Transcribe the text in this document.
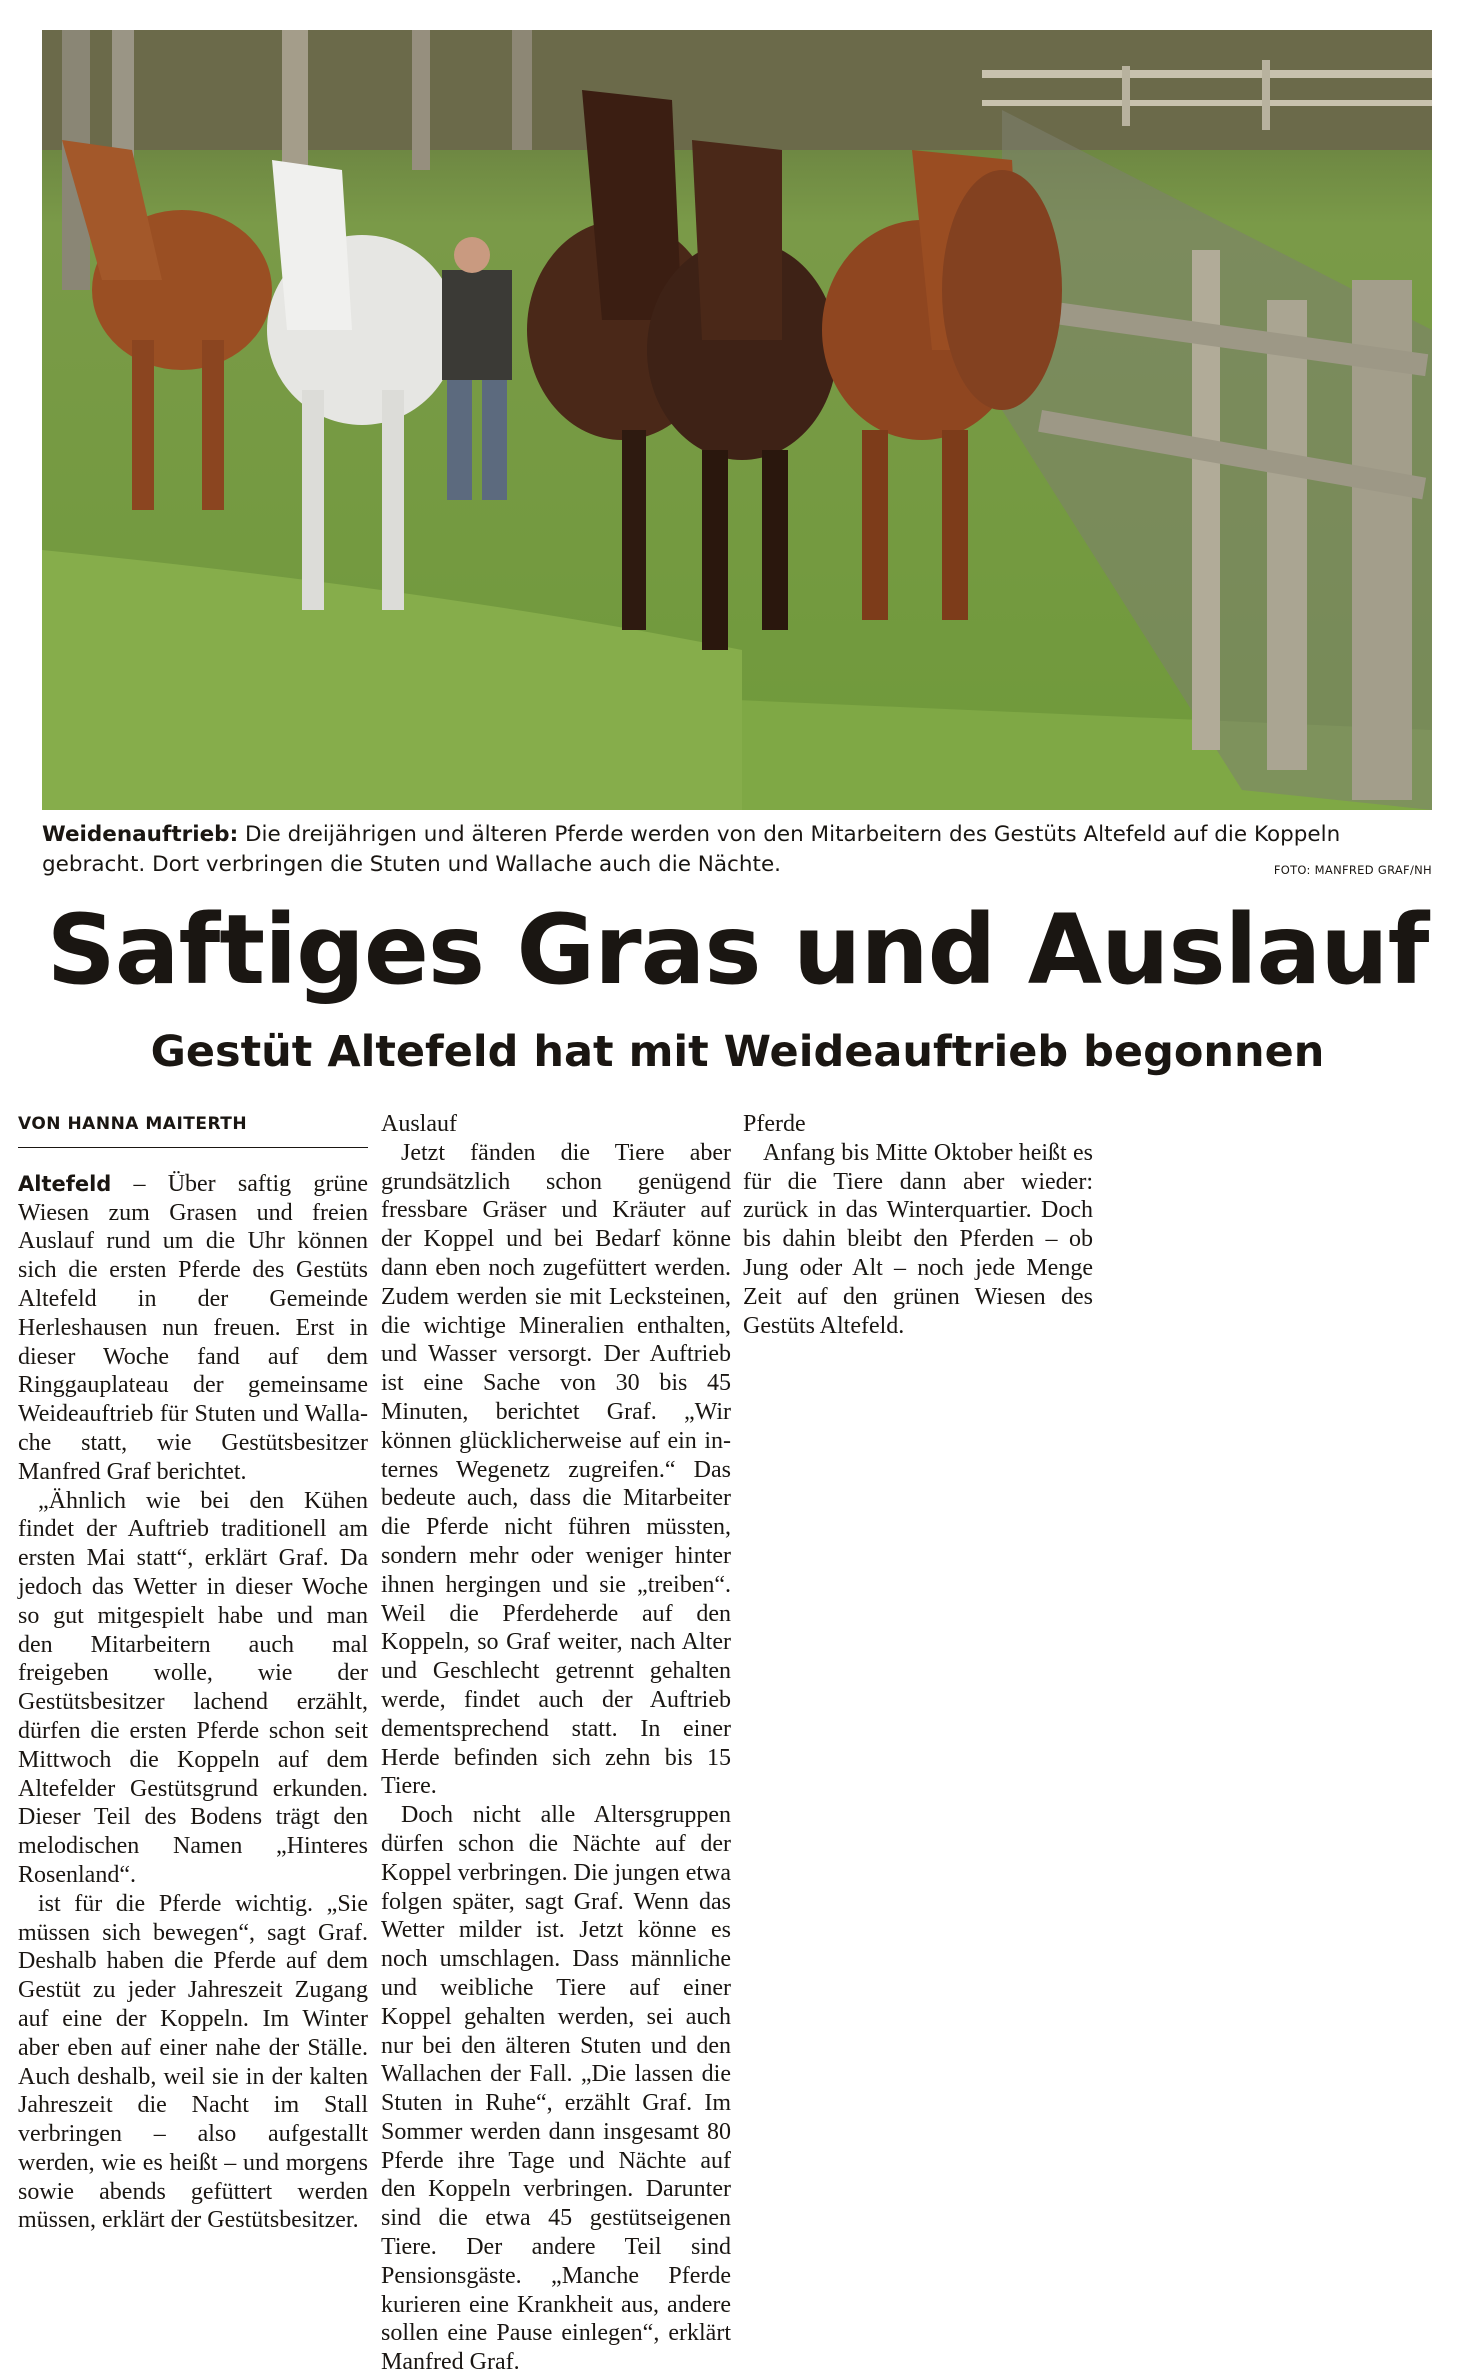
Weidenauftrieb: Die dreijährigen und älteren Pferde werden von den Mitarbeitern des Gestüts Altefeld auf die Koppeln gebracht. Dort verbringen die Stuten und Wallache auch die Nächte.	FOTO: MANFRED GRAF/NH
Saftiges Gras und Auslauf
Gestüt Altefeld hat mit Weideauftrieb begonnen
VON HANNA MAITERTH

Altefeld – Über saftig grüne Wiesen zum Grasen und freien Auslauf rund um die Uhr können sich die ersten Pferde des Gestüts Altefeld in der Gemeinde Herleshausen nun freuen. Erst in dieser Woche fand auf dem Ringgauplateau der gemeinsame Weideauftrieb für Stuten und Wallache statt, wie Gestütsbesitzer Manfred Graf berichtet.

„Ähnlich wie bei den Kühen findet der Auftrieb traditionell am ersten Mai statt“, erklärt Graf. Da jedoch das Wetter in dieser Woche so gut mitgespielt habe und man den Mitarbeitern auch mal freigeben wolle, wie der Gestütsbesitzer lachend erzählt, dürfen die ersten Pferde schon seit Mittwoch die Koppeln auf dem Altefelder Gestütsgrund erkunden. Dieser Teil des Bodens trägt den melodischen Namen „Hinteres Rosenland“.

ist für die Pferde wichtig. „Sie müssen sich bewegen“, sagt Graf. Deshalb haben die Pferde auf dem Gestüt zu jeder Jahreszeit Zugang auf eine der Koppeln. Im Winter aber eben auf einer nahe der Ställe. Auch deshalb, weil sie in der kalten Jahreszeit die Nacht im Stall verbringen – also aufgestallt werden, wie es heißt – und morgens sowie abends gefüttert werden müssen, erklärt der Gestütsbesitzer.

Auslauf

Jetzt fänden die Tiere aber grundsätzlich schon genügend fressbare Gräser und Kräuter auf der Koppel und bei Bedarf könne dann eben noch zugefüttert werden. Zudem werden sie mit Lecksteinen, die wichtige Mineralien enthalten, und Wasser versorgt. Der Auftrieb ist eine Sache von 30 bis 45 Minuten, berichtet Graf. „Wir können glücklicherweise auf ein internes Wegenetz zugreifen.“ Das bedeute auch, dass die Mitarbeiter die Pferde nicht führen müssten, sondern mehr oder weniger hinter ihnen hergingen und sie „treiben“. Weil die Pferdeherde auf den Koppeln, so Graf weiter, nach Alter und Geschlecht getrennt gehalten werde, findet auch der Auftrieb dementsprechend statt. In einer Herde befinden sich zehn bis 15 Tiere.

Doch nicht alle Altersgruppen dürfen schon die Nächte auf der Koppel verbringen. Die jungen etwa folgen später, sagt Graf. Wenn das Wetter milder ist. Jetzt könne es noch umschlagen. Dass männliche und weibliche Tiere auf einer Koppel gehalten werden, sei auch nur bei den älteren Stuten und den Wallachen der Fall. „Die lassen die Stuten in Ruhe“, erzählt Graf. Im Sommer werden dann insgesamt 80 Pferde ihre Tage und Nächte auf den Koppeln verbringen. Darunter sind die etwa 45 gestütseigenen Tiere. Der andere Teil sind Pensionsgäste. „Manche Pferde kurieren eine Krankheit aus, andere sollen eine Pause einlegen“, erklärt Manfred Graf.

Pferde

Anfang bis Mitte Oktober heißt es für die Tiere dann aber wieder: zurück in das Winterquartier. Doch bis dahin bleibt den Pferden – ob Jung oder Alt – noch jede Menge Zeit auf den grünen Wiesen des Gestüts Altefeld.
